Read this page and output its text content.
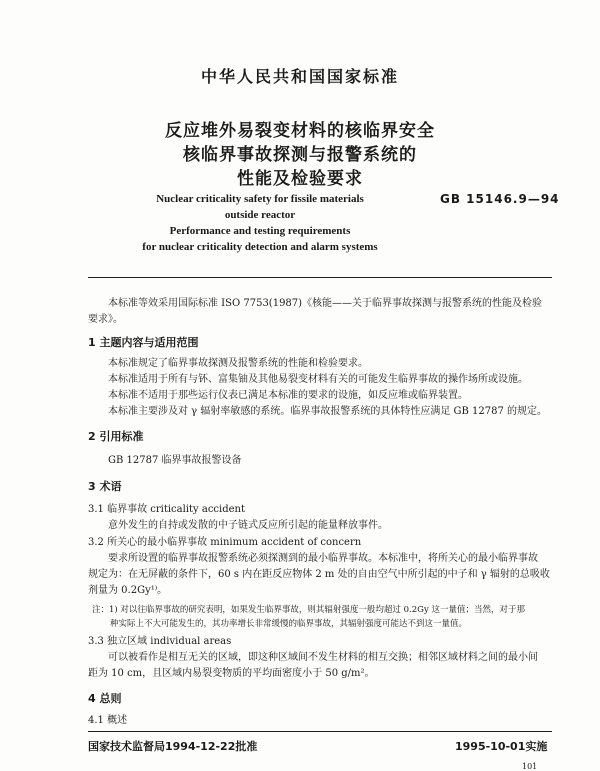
中华人民共和国国家标准
反应堆外易裂变材料的核临界安全
核临界事故探测与报警系统的
性能及检验要求
Nuclear criticality safety for fissile materials
outside reactor
Performance and testing requirements
for nuclear criticality detection and alarm systems
GB 15146.9—94
本标准等效采用国际标准 ISO 7753(1987)《核能——关于临界事故探测与报警系统的性能及检验
要求》。
1 主题内容与适用范围
本标准规定了临界事故探测及报警系统的性能和检验要求。
本标准适用于所有与钚、富集铀及其他易裂变材料有关的可能发生临界事故的操作场所或设施。
本标准不适用于那些运行仪表已满足本标准的要求的设施，如反应堆或临界装置。
本标准主要涉及对 γ 辐射率敏感的系统。临界事故报警系统的具体特性应满足 GB 12787 的规定。
2 引用标准
GB 12787 临界事故报警设备
3 术语
3.1 临界事故 criticality accident
意外发生的自持或发散的中子链式反应所引起的能量释放事件。
3.2 所关心的最小临界事故 minimum accident of concern
要求所设置的临界事故报警系统必须探测到的最小临界事故。本标准中，将所关心的最小临界事故
规定为：在无屏蔽的条件下，60 s 内在距反应物体 2 m 处的自由空气中所引起的中子和 γ 辐射的总吸收
剂量为 0.2Gy¹⁾。
注：1) 对以往临界事故的研究表明，如果发生临界事故，则其辐射强度一般均超过 0.2Gy 这一量值；当然，对于那
种实际上不大可能发生的，其功率增长非常缓慢的临界事故，其辐射强度可能达不到这一量值。
3.3 独立区域 individual areas
可以被看作是相互无关的区域，即这种区域间不发生材料的相互交换；相邻区域材料之间的最小间
距为 10 cm，且区域内易裂变物质的平均面密度小于 50 g/m²。
4 总则
4.1 概述
国家技术监督局1994-12-22批准	1995-10-01实施
101
